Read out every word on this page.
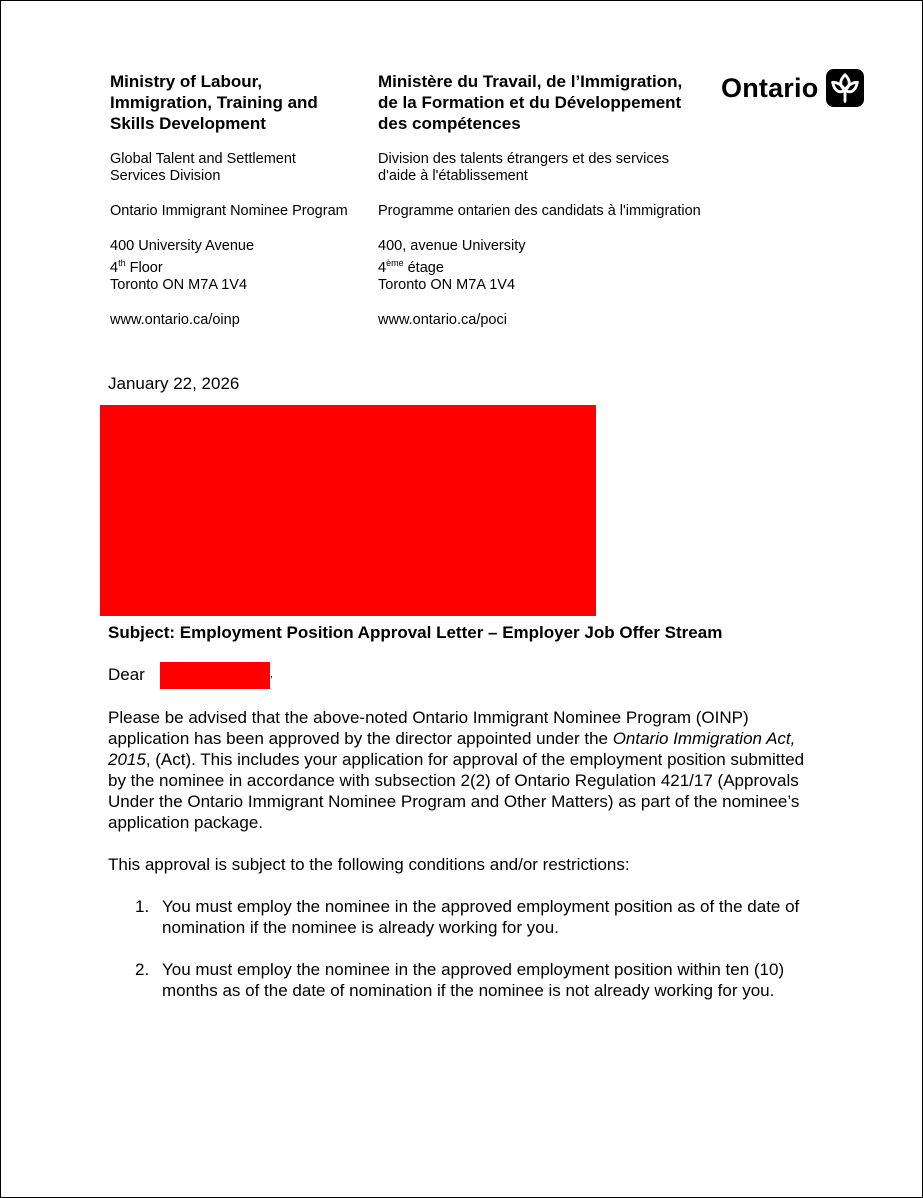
Ministry of Labour,
Immigration, Training and
Skills Development
Global Talent and Settlement
Services Division
Ontario Immigrant Nominee Program
400 University Avenue
4th Floor
Toronto ON M7A 1V4
www.ontario.ca/oinp
Ministère du Travail, de l’Immigration,
de la Formation et du Développement
des compétences
Division des talents étrangers et des services
d'aide à l'établissement
Programme ontarien des candidats à l'immigration
400, avenue University
4ème étage
Toronto ON M7A 1V4
www.ontario.ca/poci
Ontario
January 22, 2026
Subject: Employment Position Approval Letter – Employer Job Offer Stream
Dear	,

Please be advised that the above-noted Ontario Immigrant Nominee Program (OINP) application has been approved by the director appointed under the Ontario Immigration Act, 2015, (Act). This includes your application for approval of the employment position submitted by the nominee in accordance with subsection 2(2) of Ontario Regulation 421/17 (Approvals Under the Ontario Immigrant Nominee Program and Other Matters) as part of the nominee’s application package.

This approval is subject to the following conditions and/or restrictions:

1. You must employ the nominee in the approved employment position as of the date of nomination if the nominee is already working for you.
2. You must employ the nominee in the approved employment position within ten (10) months as of the date of nomination if the nominee is not already working for you.
